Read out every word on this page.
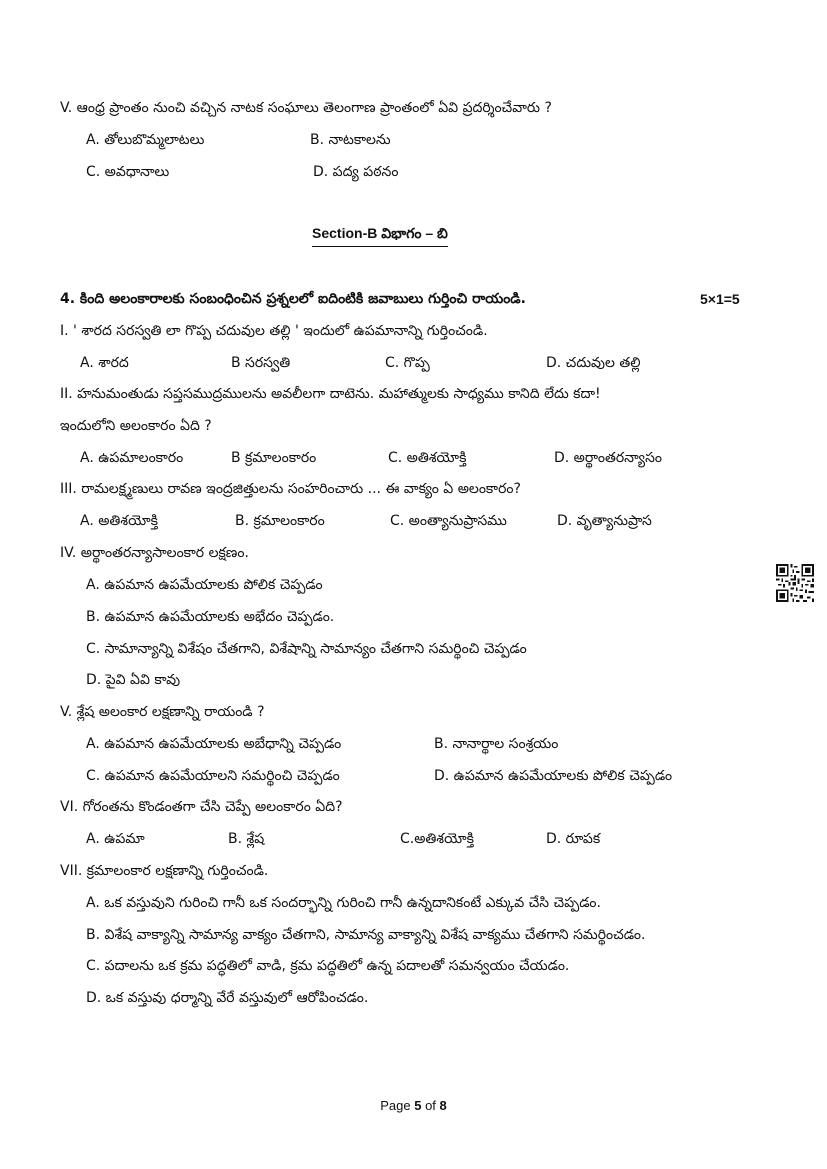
V. ఆంధ్ర ప్రాంతం నుంచి వచ్చిన నాటక సంఘాలు తెలంగాణ ప్రాంతంలో ఏవి ప్రదర్శించేవారు ?
A. తోలుబొమ్మలాటలు	B. నాటకాలను
C. అవధానాలు	D. పద్య పఠనం
Section-B విభాగం – బి
4. కింది అలంకారాలకు సంబంధించిన ప్రశ్నలలో ఐదింటికి జవాబులు గుర్తించి రాయండి.	5×1=5
I. ' శారద సరస్వతి లా గొప్ప చదువుల తల్లి ' ఇందులో ఉపమానాన్ని గుర్తించండి.
A. శారద	B సరస్వతి	C. గొప్ప	D. చదువుల తల్లి
II. హనుమంతుడు సప్తసముద్రములను అవలీలగా దాటెను. మహాత్ములకు సాధ్యము కానిది లేదు కదా!
ఇందులోని అలంకారం ఏది ?
A. ఉపమాలంకారం	B క్రమాలంకారం	C. అతిశయోక్తి	D. అర్థాంతరన్యాసం
III. రామలక్ష్మణులు రావణ ఇంద్రజిత్తులను సంహరించారు ... ఈ వాక్యం ఏ అలంకారం?
A. అతిశయోక్తి	B. క్రమాలంకారం	C. అంత్యానుప్రాసము	D. వృత్యానుప్రాస
IV. అర్థాంతరన్యాసాలంకార లక్షణం.
A. ఉపమాన ఉపమేయాలకు పోలిక చెప్పడం
B. ఉపమాన ఉపమేయాలకు అభేదం చెప్పడం.
C. సామాన్యాన్ని విశేషం చేతగాని, విశేషాన్ని సామాన్యం చేతగాని సమర్థించి చెప్పడం
D. పైవి ఏవి కావు
V. శ్లేష అలంకార లక్షణాన్ని రాయండి ?
A. ఉపమాన ఉపమేయాలకు అబేధాన్ని చెప్పడం	B. నానార్థాల సంశ్రయం
C. ఉపమాన ఉపమేయాలని సమర్థించి చెప్పడం	D. ఉపమాన ఉపమేయాలకు పోలిక చెప్పడం
VI. గోరంతను కొండంతగా చేసి చెప్పే అలంకారం ఏది?
A. ఉపమా	B. శ్లేష	C.అతిశయోక్తి	D. రూపక
VII. క్రమాలంకార లక్షణాన్ని గుర్తించండి.
A. ఒక వస్తువుని గురించి గానీ ఒక సందర్భాన్ని గురించి గానీ ఉన్నదానికంటే ఎక్కువ చేసి చెప్పడం.
B. విశేష వాక్యాన్ని సామాన్య వాక్యం చేతగాని, సామాన్య వాక్యాన్ని విశేష వాక్యము చేతగాని సమర్థించడం.
C. పదాలను ఒక క్రమ పద్ధతిలో వాడి, క్రమ పద్ధతిలో ఉన్న పదాలతో సమన్వయం చేయడం.
D. ఒక వస్తువు ధర్మాన్ని వేరే వస్తువులో ఆరోపించడం.
Page 5 of 8
